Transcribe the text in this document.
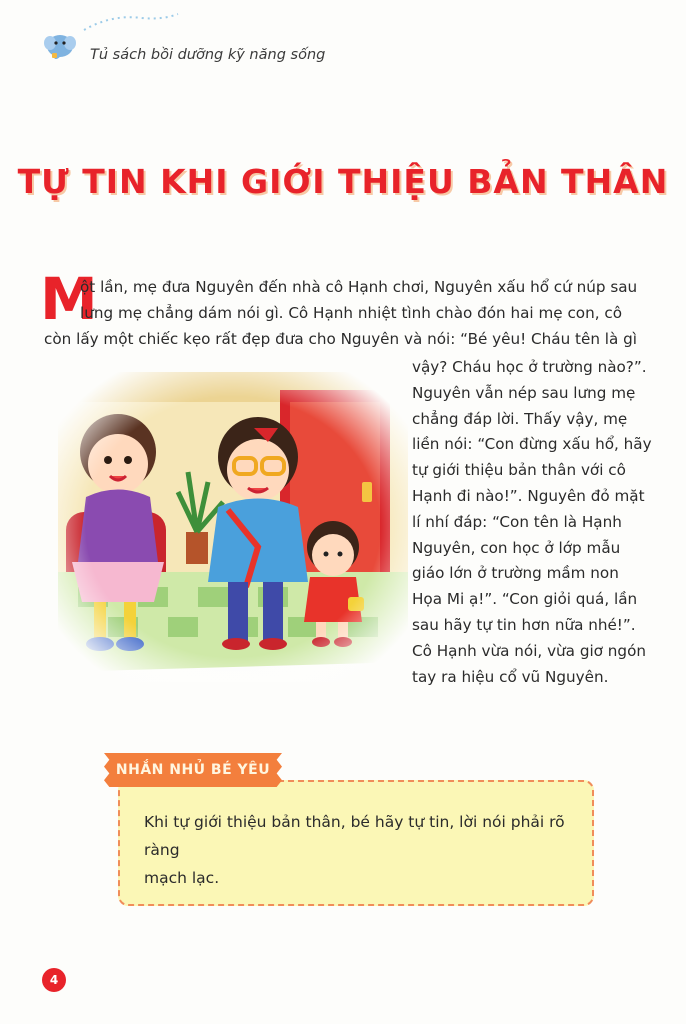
Tủ sách bồi dưỡng kỹ năng sống
TỰ TIN KHI GIỚI THIỆU BẢN THÂN
M
ột lần, mẹ đưa Nguyên đến nhà cô Hạnh chơi, Nguyên xấu hổ cứ núp sau
lưng mẹ chẳng dám nói gì. Cô Hạnh nhiệt tình chào đón hai mẹ con, cô
còn lấy một chiếc kẹo rất đẹp đưa cho Nguyên và nói: “Bé yêu! Cháu tên là gì
vậy? Cháu học ở trường nào?”.
Nguyên vẫn nép sau lưng mẹ
chẳng đáp lời. Thấy vậy, mẹ
liền nói: “Con đừng xấu hổ, hãy
tự giới thiệu bản thân với cô
Hạnh đi nào!”. Nguyên đỏ mặt
lí nhí đáp: “Con tên là Hạnh
Nguyên, con học ở lớp mẫu
giáo lớn ở trường mầm non
Họa Mi ạ!”. “Con giỏi quá, lần
sau hãy tự tin hơn nữa nhé!”.
Cô Hạnh vừa nói, vừa giơ ngón
tay ra hiệu cổ vũ Nguyên.
NHẮN NHỦ BÉ YÊU
Khi tự giới thiệu bản thân, bé hãy tự tin, lời nói phải rõ ràng
mạch lạc.
4
